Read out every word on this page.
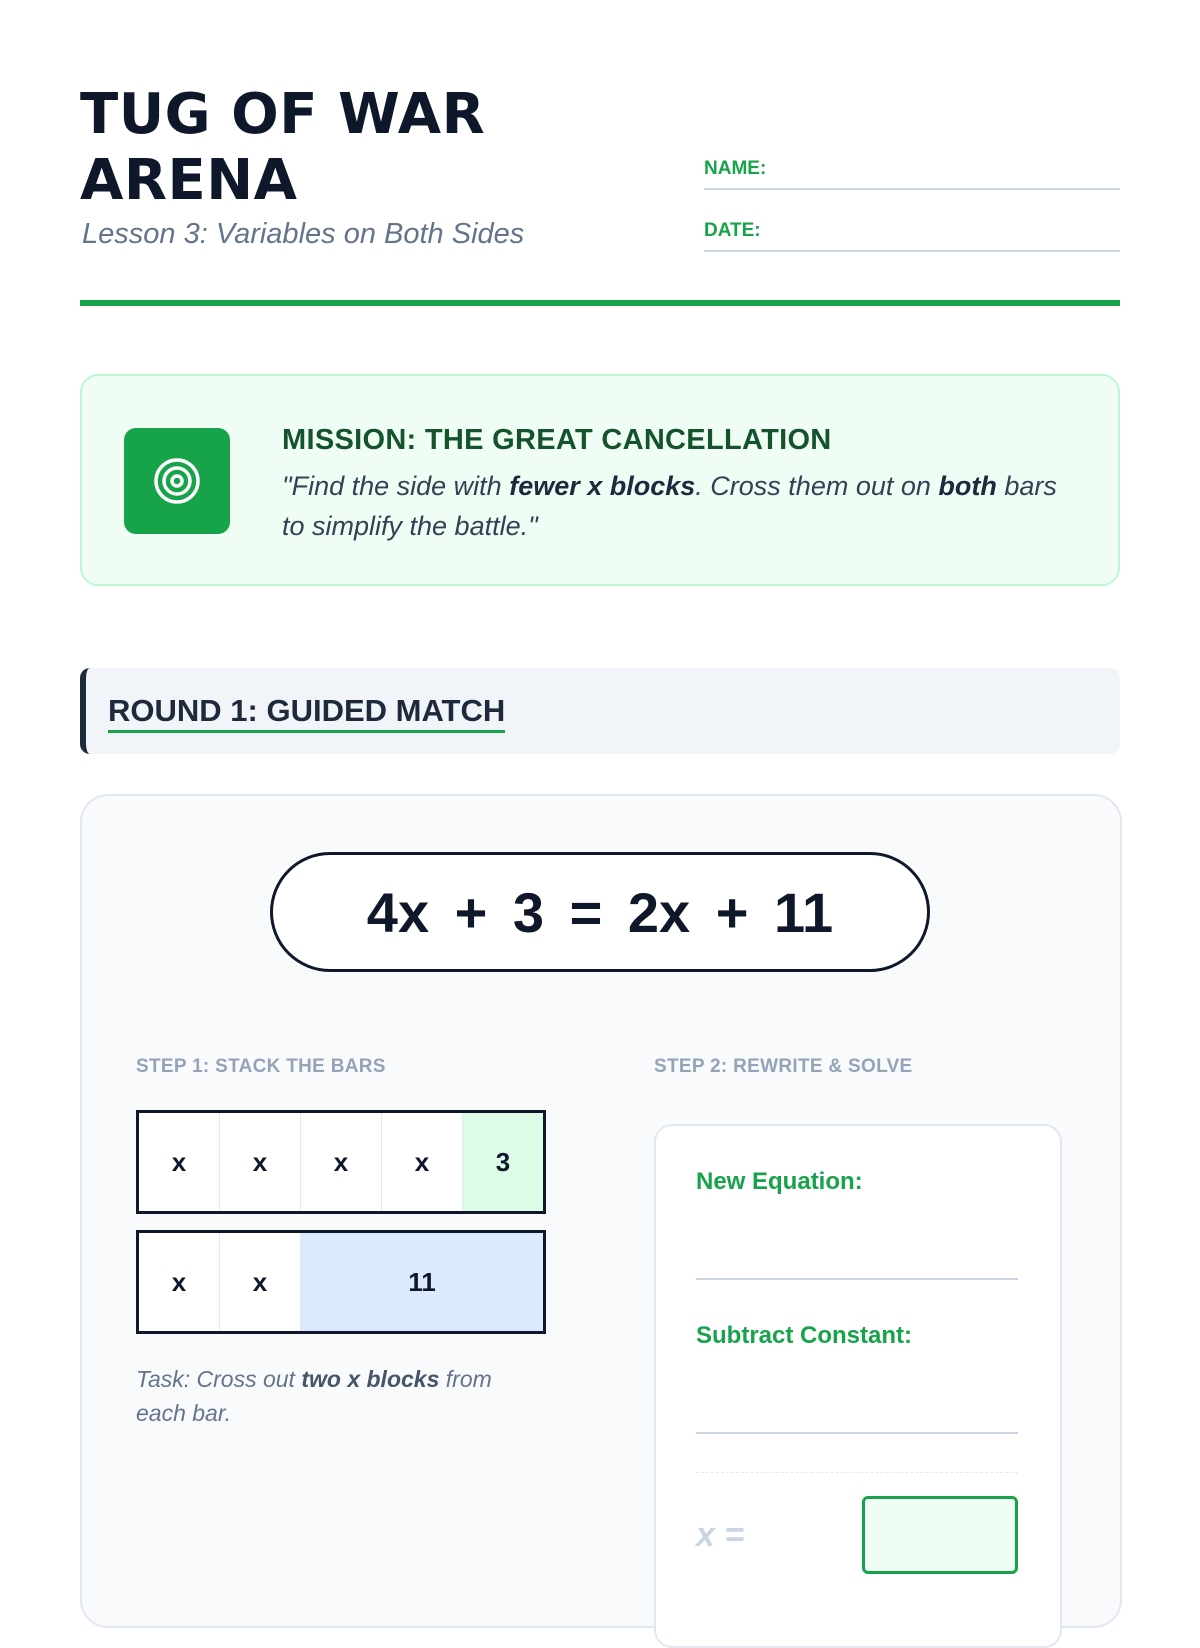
TUG OF WAR ARENA
Lesson 3: Variables on Both Sides
NAME:
DATE:
MISSION: THE GREAT CANCELLATION
"Find the side with fewer x blocks. Cross them out on both bars to simplify the battle."
ROUND 1: GUIDED MATCH
4x + 3 = 2x + 11
STEP 1: STACK THE BARS	STEP 2: REWRITE & SOLVE
x	x	x	x	3
x	x	11
Task: Cross out two x blocks from each bar.
New Equation:
Subtract Constant:
x =
